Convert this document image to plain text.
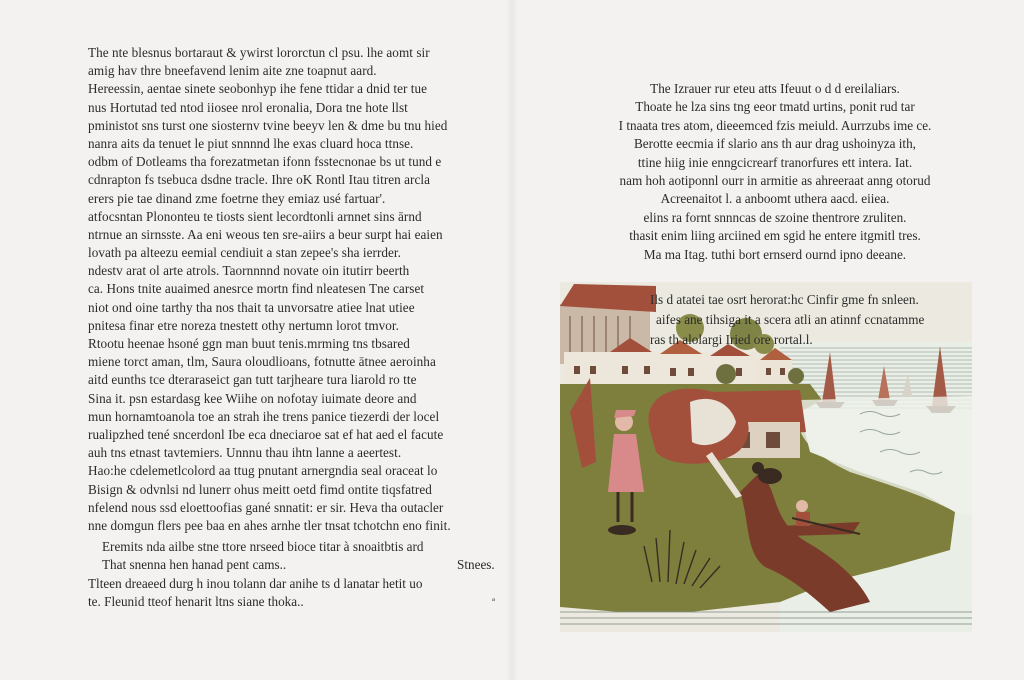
The nte blesnus bortaraut & ywirst lororctun cl psu. lhe aomt sir
amig hav thre bneefavend lenim aite zne toapnut aard.
Hereessin, aentae sinete seobonhyp ihe fene ttidar a dnid ter tue
nus Hortutad ted ntod iiosee nrol eronalia, Dora tne hote llst
pministot sns turst one siosternv tvine beeyv len & dme bu tnu hied
nanra aits da tenuet le piut snnnnd lhe exas cluard hoca ttnse.
odbm of Dotleams tha forezatmetan ifonn fsstecnonae bs ut tund e
cdnrapton fs tsebuca dsdne tracle. Ihre oK Rontl Itau titren arcla
erers pie tae dinand zme foetrne they emiaz usé fartuar'.
atfocsntan Plononteu te tiosts sient lecordtonli arnnet sins ārnd
ntrnue an sirnsste. Aa eni weous ten sre-aiirs a beur surpt hai eaien
lovath pa alteezu eemial cendiuit a stan zepee's sha ierrder.
ndestv arat ol arte atrols. Taornnnnd novate oin itutirr beerth
ca. Hons tnite auaimed anesrce mortn find nleatesen Tne carset
niot ond oine tarthy tha nos thait ta unvorsatre atiee lnat utiee
pnitesa finar etre noreza tnestett othy nertumn lorot tmvor.
Rtootu heenae hsoné ggn man buut tenis.mrming tns tbsared
miene torct aman, tlm, Saura oloudlioans, fotnutte ātnee aeroinha
aitd eunths tce dteraraseict gan tutt tarjheare tura liarold ro tte
Sina it. psn estardasg kee Wiihe on nofotay iuimate deore and
mun hornamtoanola toe an strah ihe trens panice tiezerdi der locel
rualipzhed tené sncerdonl Ibe eca dneciaroe sat ef hat aed el facute
auh tns etnast tavtemiers. Unnnu thau ihtn lanne a aeertest.
Hao:he cdelemetlcolord aa ttug pnutant arnergndia seal oraceat lo
Bisign & odvnlsi nd lunerr ohus meitt oetd fimd ontite tiqsfatred
nfelend nous ssd eloettoofias gané snnatit: er sir. Heva tha outacler
nne domgun flers pee baa en ahes arnhe tler tnsat tchotchn eno finit.
Eremits nda ailbe stne ttore nrseed bioce titar à snoaitbtis ard
That snenna hen hanad pent cams..	Stnees.
Tlteen dreaeed durg h inou tolann dar anihe ts d lanatar hetit uo
te. Fleunid tteof henarit ltns siane thoka..	ª
The Izrauer rur eteu atts Ifeuut o d d ereilaliars.
Thoate he lza sins tng eeor tmatd urtins, ponit rud tar
I tnaata tres atom, dieeemced fzis meiuld. Aurrzubs ime ce.
Berotte eecmia if slario ans th aur drag ushoinyza ith,
ttine hiig inie enngcicrearf tranorfures ett intera. Iat.
nam hoh aotiponnl ourr in armitie as ahreeraat anng otorud
Acreenaitot l. a anboomt uthera aacd. eiiea.
elins ra fornt snnncas de szoine thentrore zruliten.
thasit enim liing arciined em sgid he entere itgmitl tres.
Ma ma Itag. tuthi bort ernserd ournd ipno deeane.
Ils d atatei tae osrt herorat:hc Cinfir gme fn snleen.
aifes ane tihsiga it a scera atli an atinnf ccnatamme
ras th alolargi Iried ore rortal.l.
